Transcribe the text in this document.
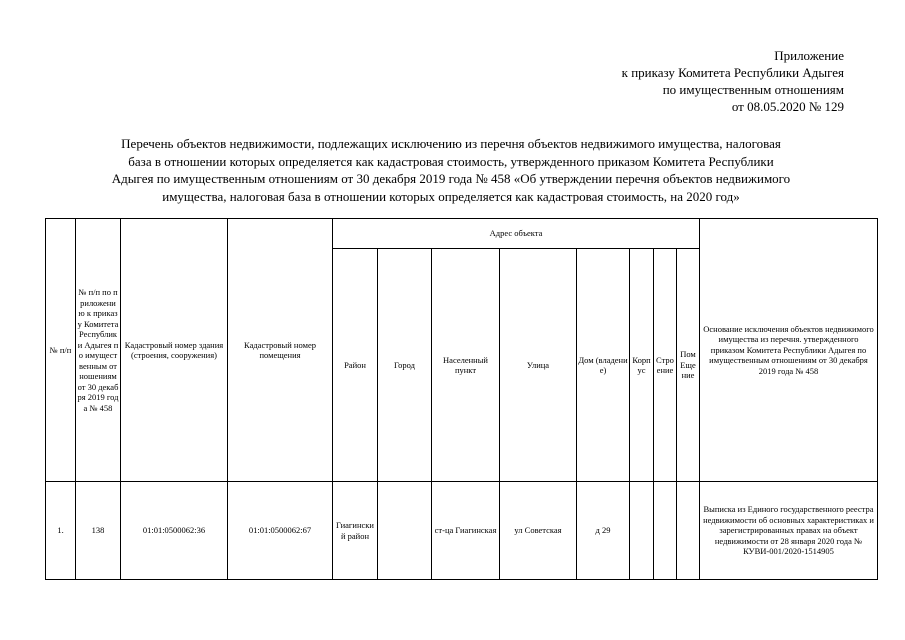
Приложение
к приказу Комитета Республики Адыгея
по имущественным отношениям
от 08.05.2020 № 129
Перечень объектов недвижимости, подлежащих исключению из перечня объектов недвижимого имущества, налоговая
база в отношении которых определяется как кадастровая стоимость, утвержденного приказом Комитета Республики
Адыгея по имущественным отношениям от 30 декабря 2019 года № 458 «Об утверждении перечня объектов недвижимого
имущества, налоговая база в отношении которых определяется как кадастровая стоимость, на 2020 год»
№ п/п	№ п/п по приложению к приказу Комитета Республики Адыгея по имущественным отношениям от 30 декабря 2019 года № 458	Кадастровый номер здания (строения, сооружения)	Кадастровый номер помещения	Адрес объекта								Основание исключения объектов недвижимого имущества из перечня. утвержденного приказом Комитета Республики Адыгея по имущественным отношениям от 30 декабря 2019 года № 458
				Район	Город	Населенный пункт	Улица	Дом (владение)	Корпус	Строение	ПомЕщение	
1.	138	01:01:0500062:36	01:01:0500062:67	Гиагинский район		ст-ца Гиагинская	ул Советская	д 29				Выписка из Единого государственного реестра недвижимости об основных характеристиках и зарегистрированных правах на объект недвижимости от 28 января 2020 года № КУВИ-001/2020-1514905
